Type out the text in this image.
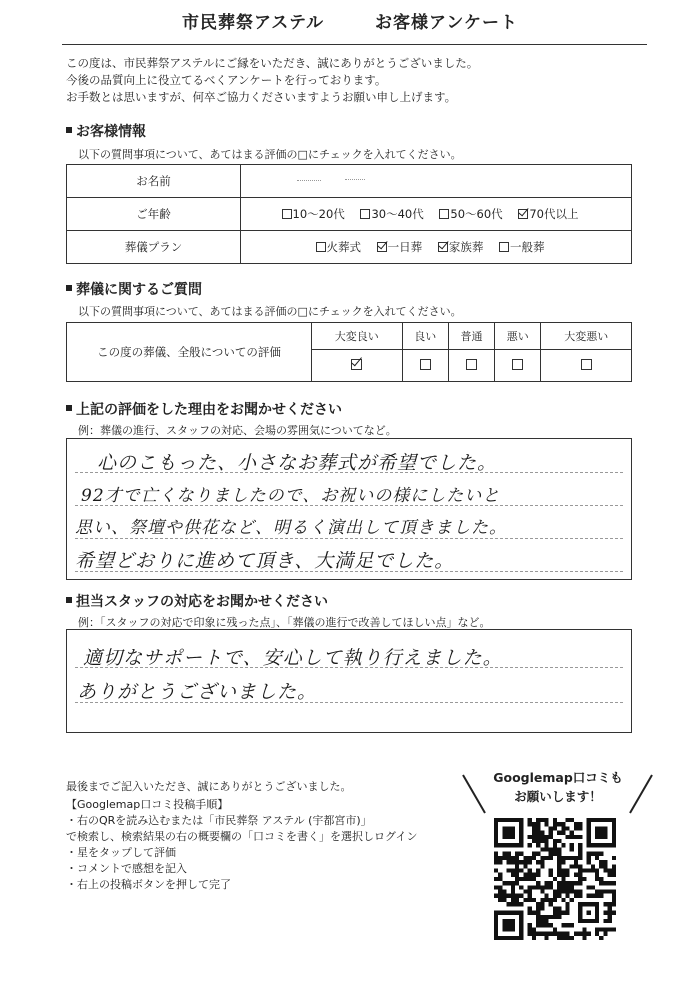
市民葬祭アステル	お客様アンケート
この度は、市民葬祭アステルにご縁をいただき、誠にありがとうございました。
今後の品質向上に役立てるべくアンケートを行っております。
お手数とは思いますが、何卒ご協力くださいますようお願い申し上げます。
お客様情報
以下の質問事項について、あてはまる評価の□にチェックを入れてください。
お名前	
ご年齢	10～20代 30～40代 50～60代 70代以上
葬儀プラン	火葬式 一日葬 家族葬 一般葬
葬儀に関するご質問
以下の質問事項について、あてはまる評価の□にチェックを入れてください。
この度の葬儀、全般についての評価	大変良い	良い	普通	悪い	大変悪い

上記の評価をした理由をお聞かせください
例：葬儀の進行、スタッフの対応、会場の雰囲気についてなど。
心のこもった、小さなお葬式が希望でした。
92才で亡くなりましたので、お祝いの様にしたいと
思い、祭壇や供花など、明るく演出して頂きました。
希望どおりに進めて頂き、大満足でした。
担当スタッフの対応をお聞かせください
例：「スタッフの対応で印象に残った点」、「葬儀の進行で改善してほしい点」など。
適切なサポートで、安心して執り行えました。
ありがとうございました。
最後までご記入いただき、誠にありがとうございました。
【Googlemap口コミ投稿手順】
・右のQRを読み込むまたは「市民葬祭 アステル (宇都宮市)」
で検索し、検索結果の右の概要欄の「口コミを書く」を選択しログイン
・星をタップして評価
・コメントで感想を記入
・右上の投稿ボタンを押して完了
Googlemap口コミも
お願いします！
